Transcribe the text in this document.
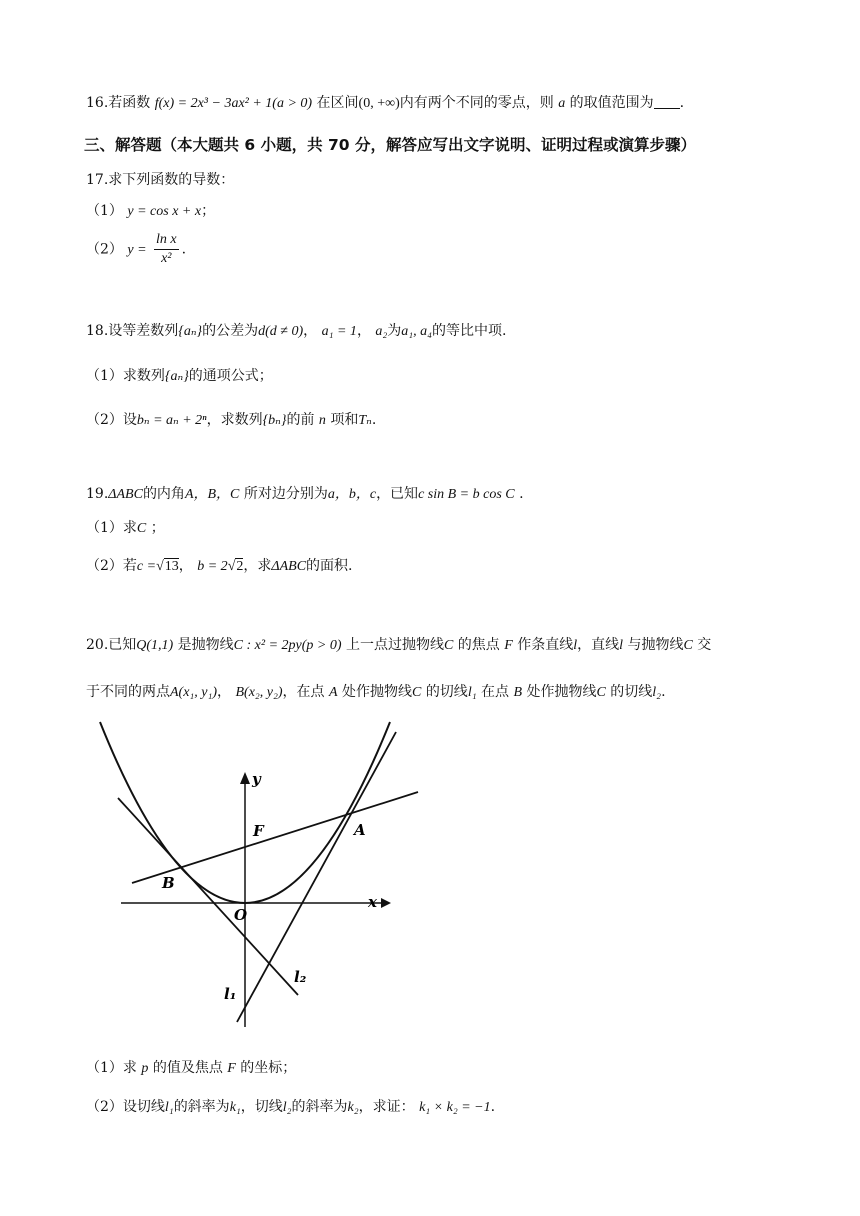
16.若函数 f(x) = 2x³ − 3ax² + 1(a > 0) 在区间(0, +∞)内有两个不同的零点，则 a 的取值范围为 .
三、解答题（本大题共 6 小题，共 70 分，解答应写出文字说明、证明过程或演算步骤）
17.求下列函数的导数：
（1） y = cos x + x；
（2） $y = \frac{\text{ln x}}{\text{x²}}$ .
18.设等差数列{aₙ}的公差为d(d ≠ 0)， a₁ = 1， a₂为a₁, a₄的等比中项.
（1）求数列{aₙ}的通项公式；
（2）设bₙ = aₙ + 2ⁿ，求数列{bₙ}的前 n 项和Tₙ.
19.ΔABC的内角A，B，C 所对边分别为a，b，c，已知c sin B = b cos C .
（1）求C ；
（2）若c =√13， b = 2√2，求ΔABC的面积.
20.已知Q(1,1) 是抛物线C : x² = 2py(p > 0) 上一点过抛物线C 的焦点 F 作条直线l，直线l 与抛物线C 交
于不同的两点A(x₁, y₁)， B(x₂, y₂)，在点 A 处作抛物线C 的切线l₁ 在点 B 处作抛物线C 的切线l₂.
y
x
O
F	A
B
l₂
l₁
（1）求 p 的值及焦点 F 的坐标；
（2）设切线l₁的斜率为k₁，切线l₂的斜率为k₂，求证： k₁ × k₂ = −1.
